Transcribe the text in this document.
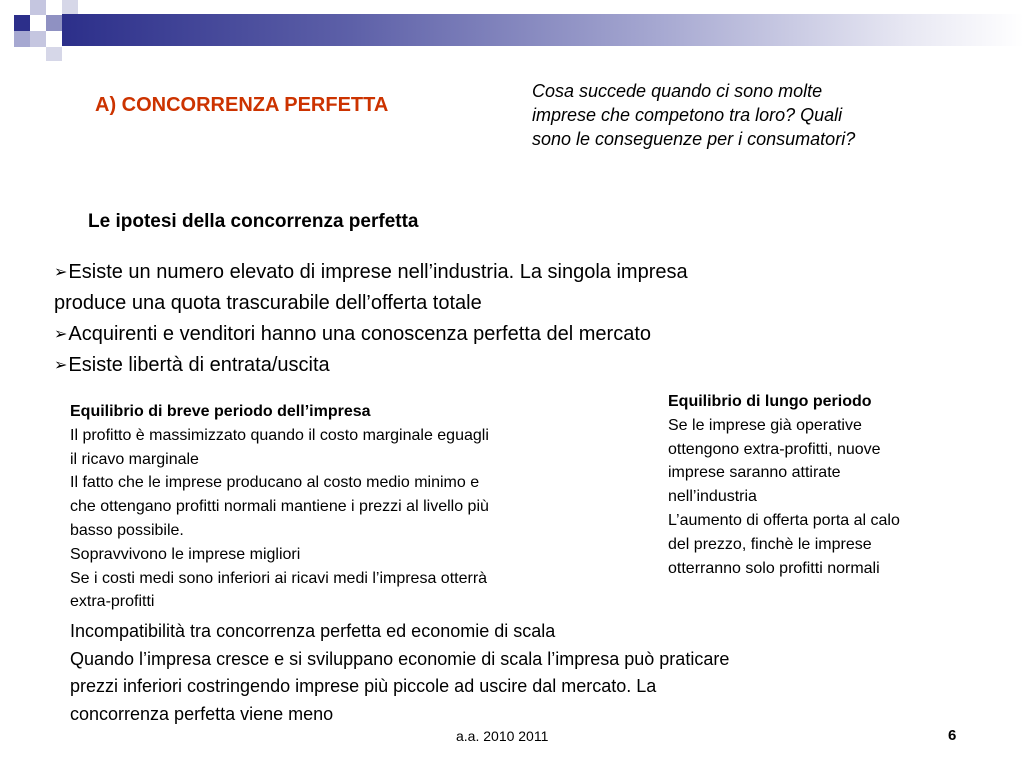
A) CONCORRENZA PERFETTA
Cosa succede quando ci sono molte
imprese che competono tra loro? Quali
sono le conseguenze per i consumatori?
Le ipotesi della concorrenza perfetta
➢Esiste un numero elevato di imprese nell’industria. La singola impresa
produce una quota trascurabile dell’offerta totale
➢Acquirenti e venditori hanno una conoscenza perfetta del mercato
➢Esiste libertà di entrata/uscita
Equilibrio di breve periodo dell’impresa
Il profitto è massimizzato quando il costo marginale eguagli
il ricavo marginale
Il fatto che le imprese producano al costo medio minimo e
che ottengano profitti normali mantiene i prezzi al livello più
basso possibile.
Sopravvivono le imprese migliori
Se i costi medi sono inferiori ai ricavi medi l’impresa otterrà
extra-profitti
Equilibrio di lungo periodo
Se le imprese già operative
ottengono extra-profitti, nuove
imprese saranno attirate
nell’industria
L’aumento di offerta porta al calo
del prezzo, finchè le imprese
otterranno solo profitti normali
Incompatibilità tra concorrenza perfetta ed economie di scala
Quando l’impresa cresce e si sviluppano economie di scala l’impresa può praticare
prezzi inferiori costringendo imprese più piccole ad uscire dal mercato. La
concorrenza perfetta viene meno
a.a. 2010 2011	6
